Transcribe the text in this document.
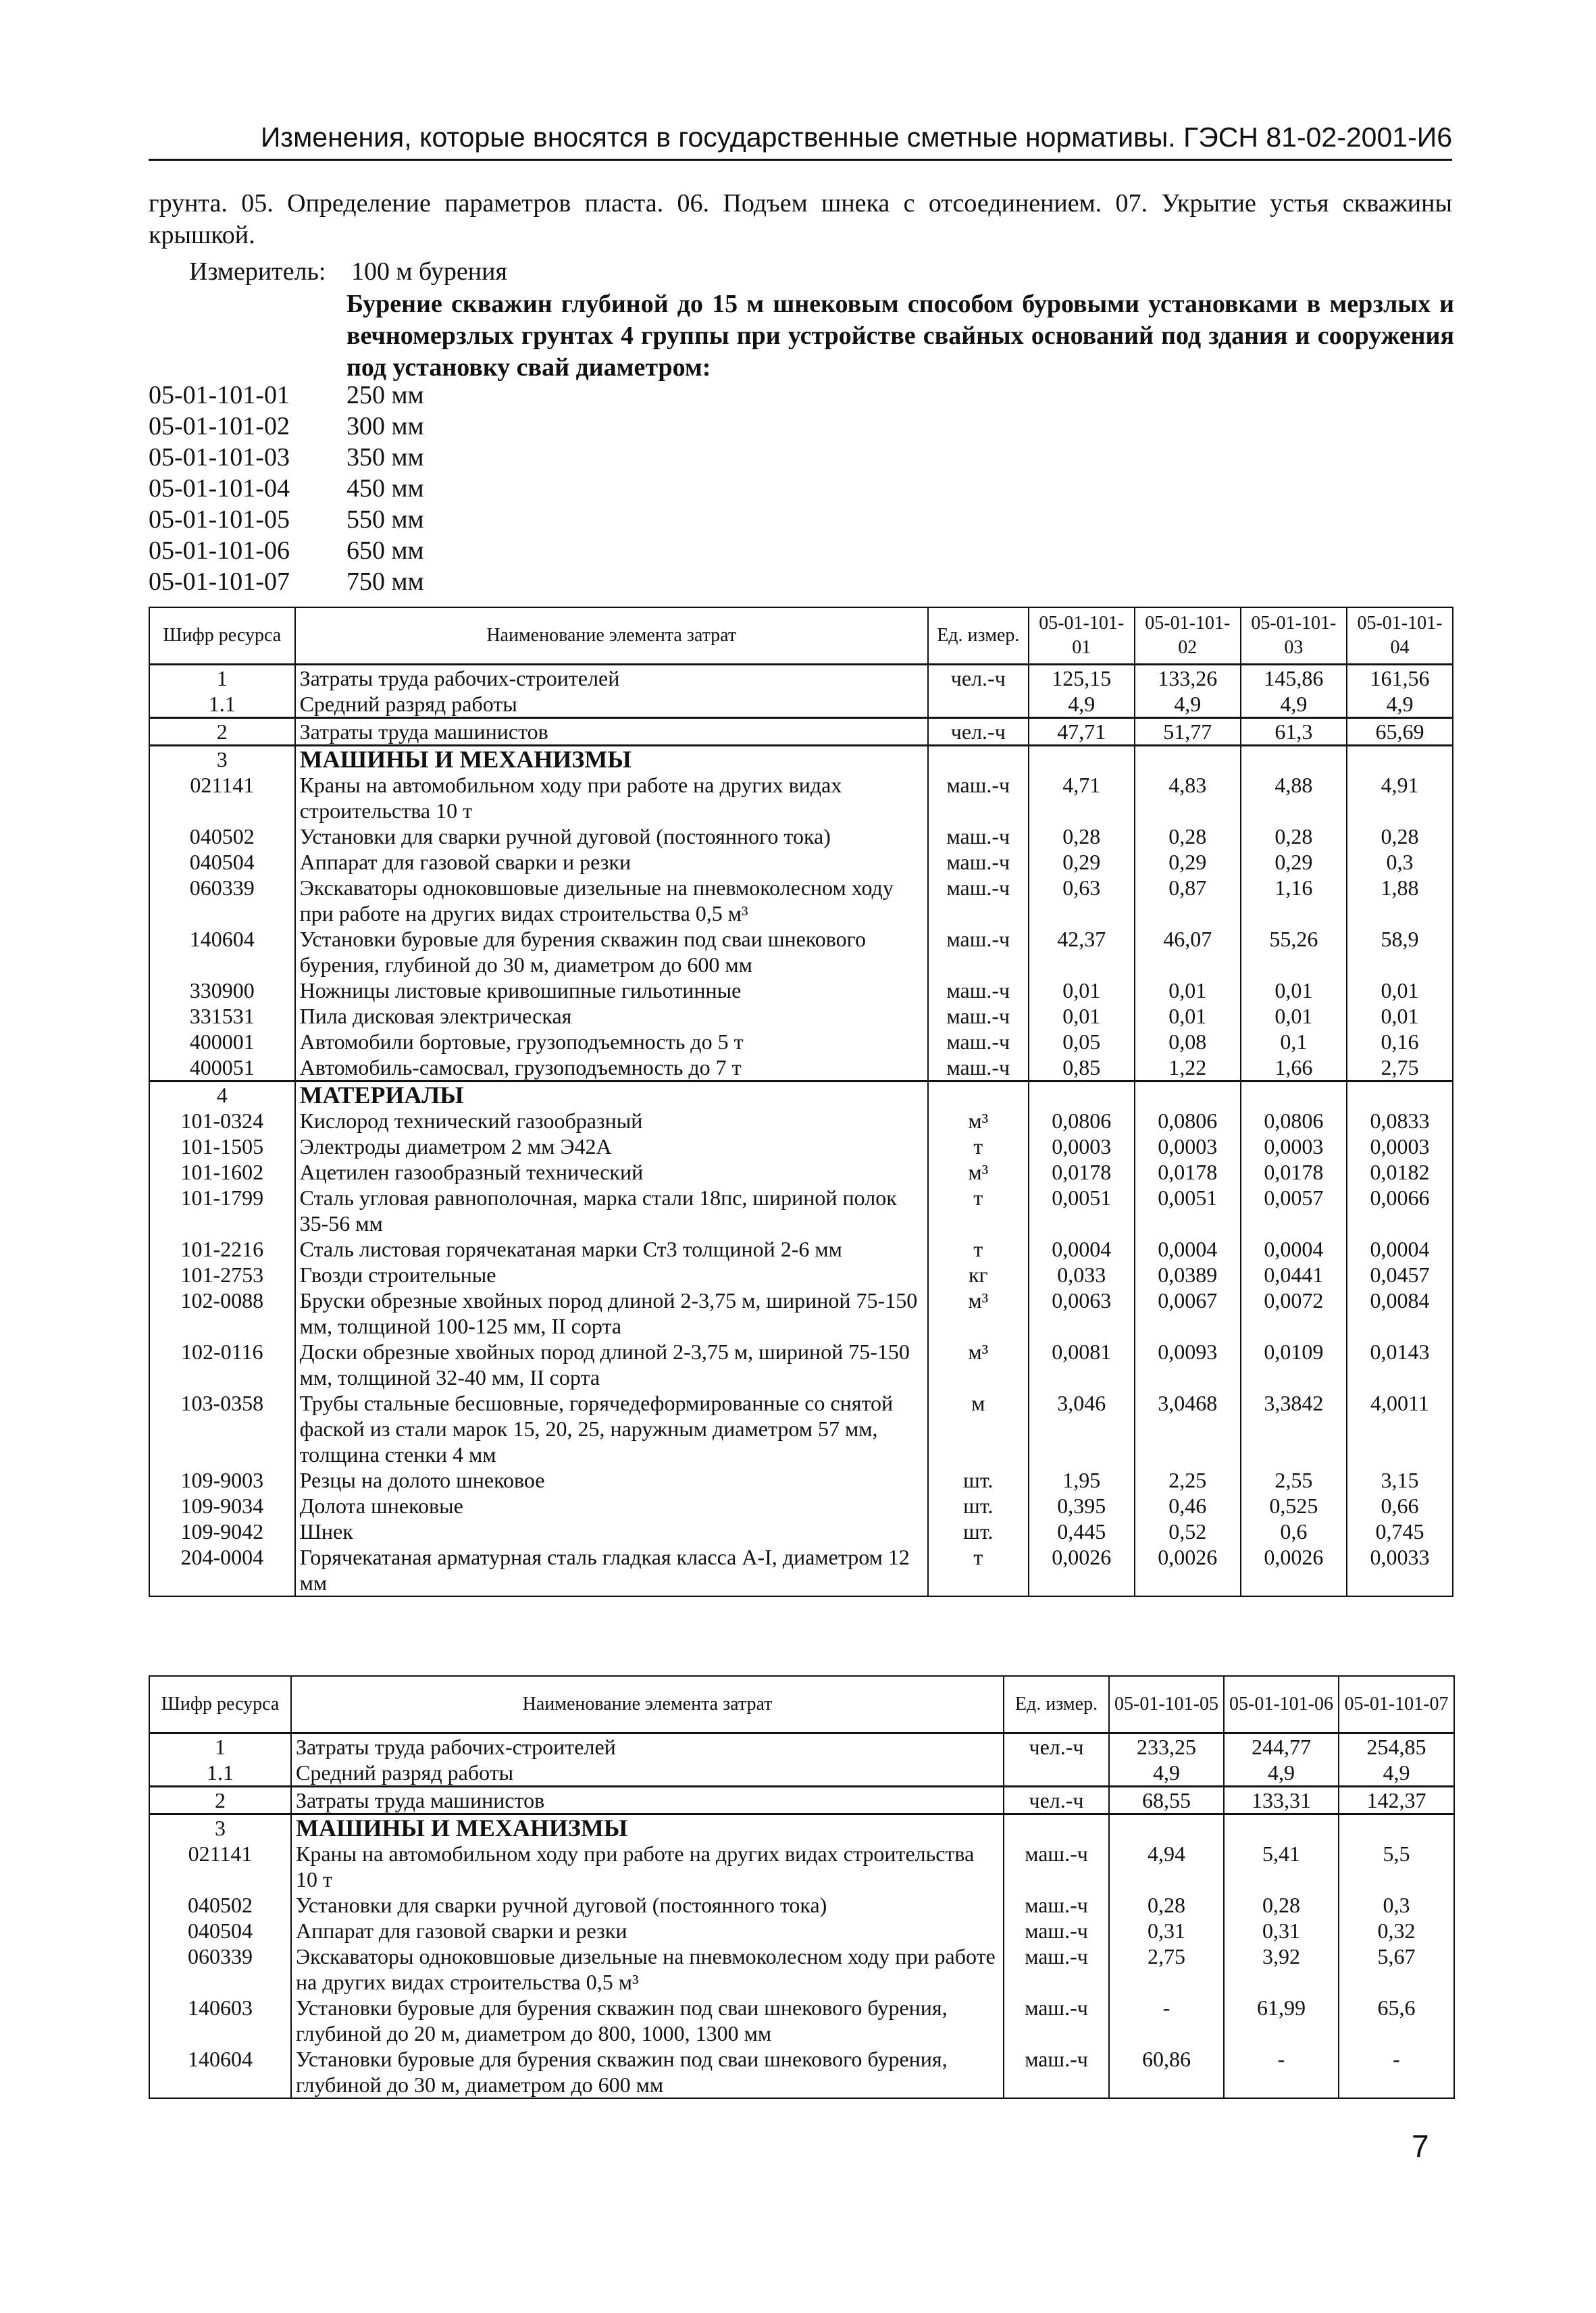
Изменения, которые вносятся в государственные сметные нормативы. ГЭСН 81-02-2001-И6
грунта. 05. Определение параметров пласта. 06. Подъем шнека с отсоединением. 07. Укрытие устья скважины крышкой.
Измеритель: 100 м бурения
Бурение скважин глубиной до 15 м шнековым способом буровыми установками в мерзлых и вечномерзлых грунтах 4 группы при устройстве свайных оснований под здания и сооружения под установку свай диаметром:
05-01-101-01 250 мм
05-01-101-02 300 мм
05-01-101-03 350 мм
05-01-101-04 450 мм
05-01-101-05 550 мм
05-01-101-06 650 мм
05-01-101-07 750 мм
Шифр ресурса	Наименование элемента затрат	Ед. измер.	05-01-101-01	05-01-101-02	05-01-101-03	05-01-101-04
1	Затраты труда рабочих-строителей	чел.-ч	125,15	133,26	145,86	161,56
1.1	Средний разряд работы		4,9	4,9	4,9	4,9
2	Затраты труда машинистов	чел.-ч	47,71	51,77	61,3	65,69
3	МАШИНЫ И МЕХАНИЗМЫ					
021141	Краны на автомобильном ходу при работе на других видах строительства 10 т	маш.-ч	4,71	4,83	4,88	4,91
040502	Установки для сварки ручной дуговой (постоянного тока)	маш.-ч	0,28	0,28	0,28	0,28
040504	Аппарат для газовой сварки и резки	маш.-ч	0,29	0,29	0,29	0,3
060339	Экскаваторы одноковшовые дизельные на пневмоколесном ходу при работе на других видах строительства 0,5 м³	маш.-ч	0,63	0,87	1,16	1,88
140604	Установки буровые для бурения скважин под сваи шнекового бурения, глубиной до 30 м, диаметром до 600 мм	маш.-ч	42,37	46,07	55,26	58,9
330900	Ножницы листовые кривошипные гильотинные	маш.-ч	0,01	0,01	0,01	0,01
331531	Пила дисковая электрическая	маш.-ч	0,01	0,01	0,01	0,01
400001	Автомобили бортовые, грузоподъемность до 5 т	маш.-ч	0,05	0,08	0,1	0,16
400051	Автомобиль-самосвал, грузоподъемность до 7 т	маш.-ч	0,85	1,22	1,66	2,75
4	МАТЕРИАЛЫ					
101-0324	Кислород технический газообразный	м³	0,0806	0,0806	0,0806	0,0833
101-1505	Электроды диаметром 2 мм Э42А	т	0,0003	0,0003	0,0003	0,0003
101-1602	Ацетилен газообразный технический	м³	0,0178	0,0178	0,0178	0,0182
101-1799	Сталь угловая равнополочная, марка стали 18пс, шириной полок 35-56 мм	т	0,0051	0,0051	0,0057	0,0066
101-2216	Сталь листовая горячекатаная марки Ст3 толщиной 2-6 мм	т	0,0004	0,0004	0,0004	0,0004
101-2753	Гвозди строительные	кг	0,033	0,0389	0,0441	0,0457
102-0088	Бруски обрезные хвойных пород длиной 2-3,75 м, шириной 75-150 мм, толщиной 100-125 мм, II сорта	м³	0,0063	0,0067	0,0072	0,0084
102-0116	Доски обрезные хвойных пород длиной 2-3,75 м, шириной 75-150 мм, толщиной 32-40 мм, II сорта	м³	0,0081	0,0093	0,0109	0,0143
103-0358	Трубы стальные бесшовные, горячедеформированные со снятой фаской из стали марок 15, 20, 25, наружным диаметром 57 мм, толщина стенки 4 мм	м	3,046	3,0468	3,3842	4,0011
109-9003	Резцы на долото шнековое	шт.	1,95	2,25	2,55	3,15
109-9034	Долота шнековые	шт.	0,395	0,46	0,525	0,66
109-9042	Шнек	шт.	0,445	0,52	0,6	0,745
204-0004	Горячекатаная арматурная сталь гладкая класса A-I, диаметром 12 мм	т	0,0026	0,0026	0,0026	0,0033
Шифр ресурса	Наименование элемента затрат	Ед. измер.	05-01-101-05	05-01-101-06	05-01-101-07
1	Затраты труда рабочих-строителей	чел.-ч	233,25	244,77	254,85
1.1	Средний разряд работы		4,9	4,9	4,9
2	Затраты труда машинистов	чел.-ч	68,55	133,31	142,37
3	МАШИНЫ И МЕХАНИЗМЫ				
021141	Краны на автомобильном ходу при работе на других видах строительства 10 т	маш.-ч	4,94	5,41	5,5
040502	Установки для сварки ручной дуговой (постоянного тока)	маш.-ч	0,28	0,28	0,3
040504	Аппарат для газовой сварки и резки	маш.-ч	0,31	0,31	0,32
060339	Экскаваторы одноковшовые дизельные на пневмоколесном ходу при работе на других видах строительства 0,5 м³	маш.-ч	2,75	3,92	5,67
140603	Установки буровые для бурения скважин под сваи шнекового бурения, глубиной до 20 м, диаметром до 800, 1000, 1300 мм	маш.-ч	-	61,99	65,6
140604	Установки буровые для бурения скважин под сваи шнекового бурения, глубиной до 30 м, диаметром до 600 мм	маш.-ч	60,86	-	-
7
